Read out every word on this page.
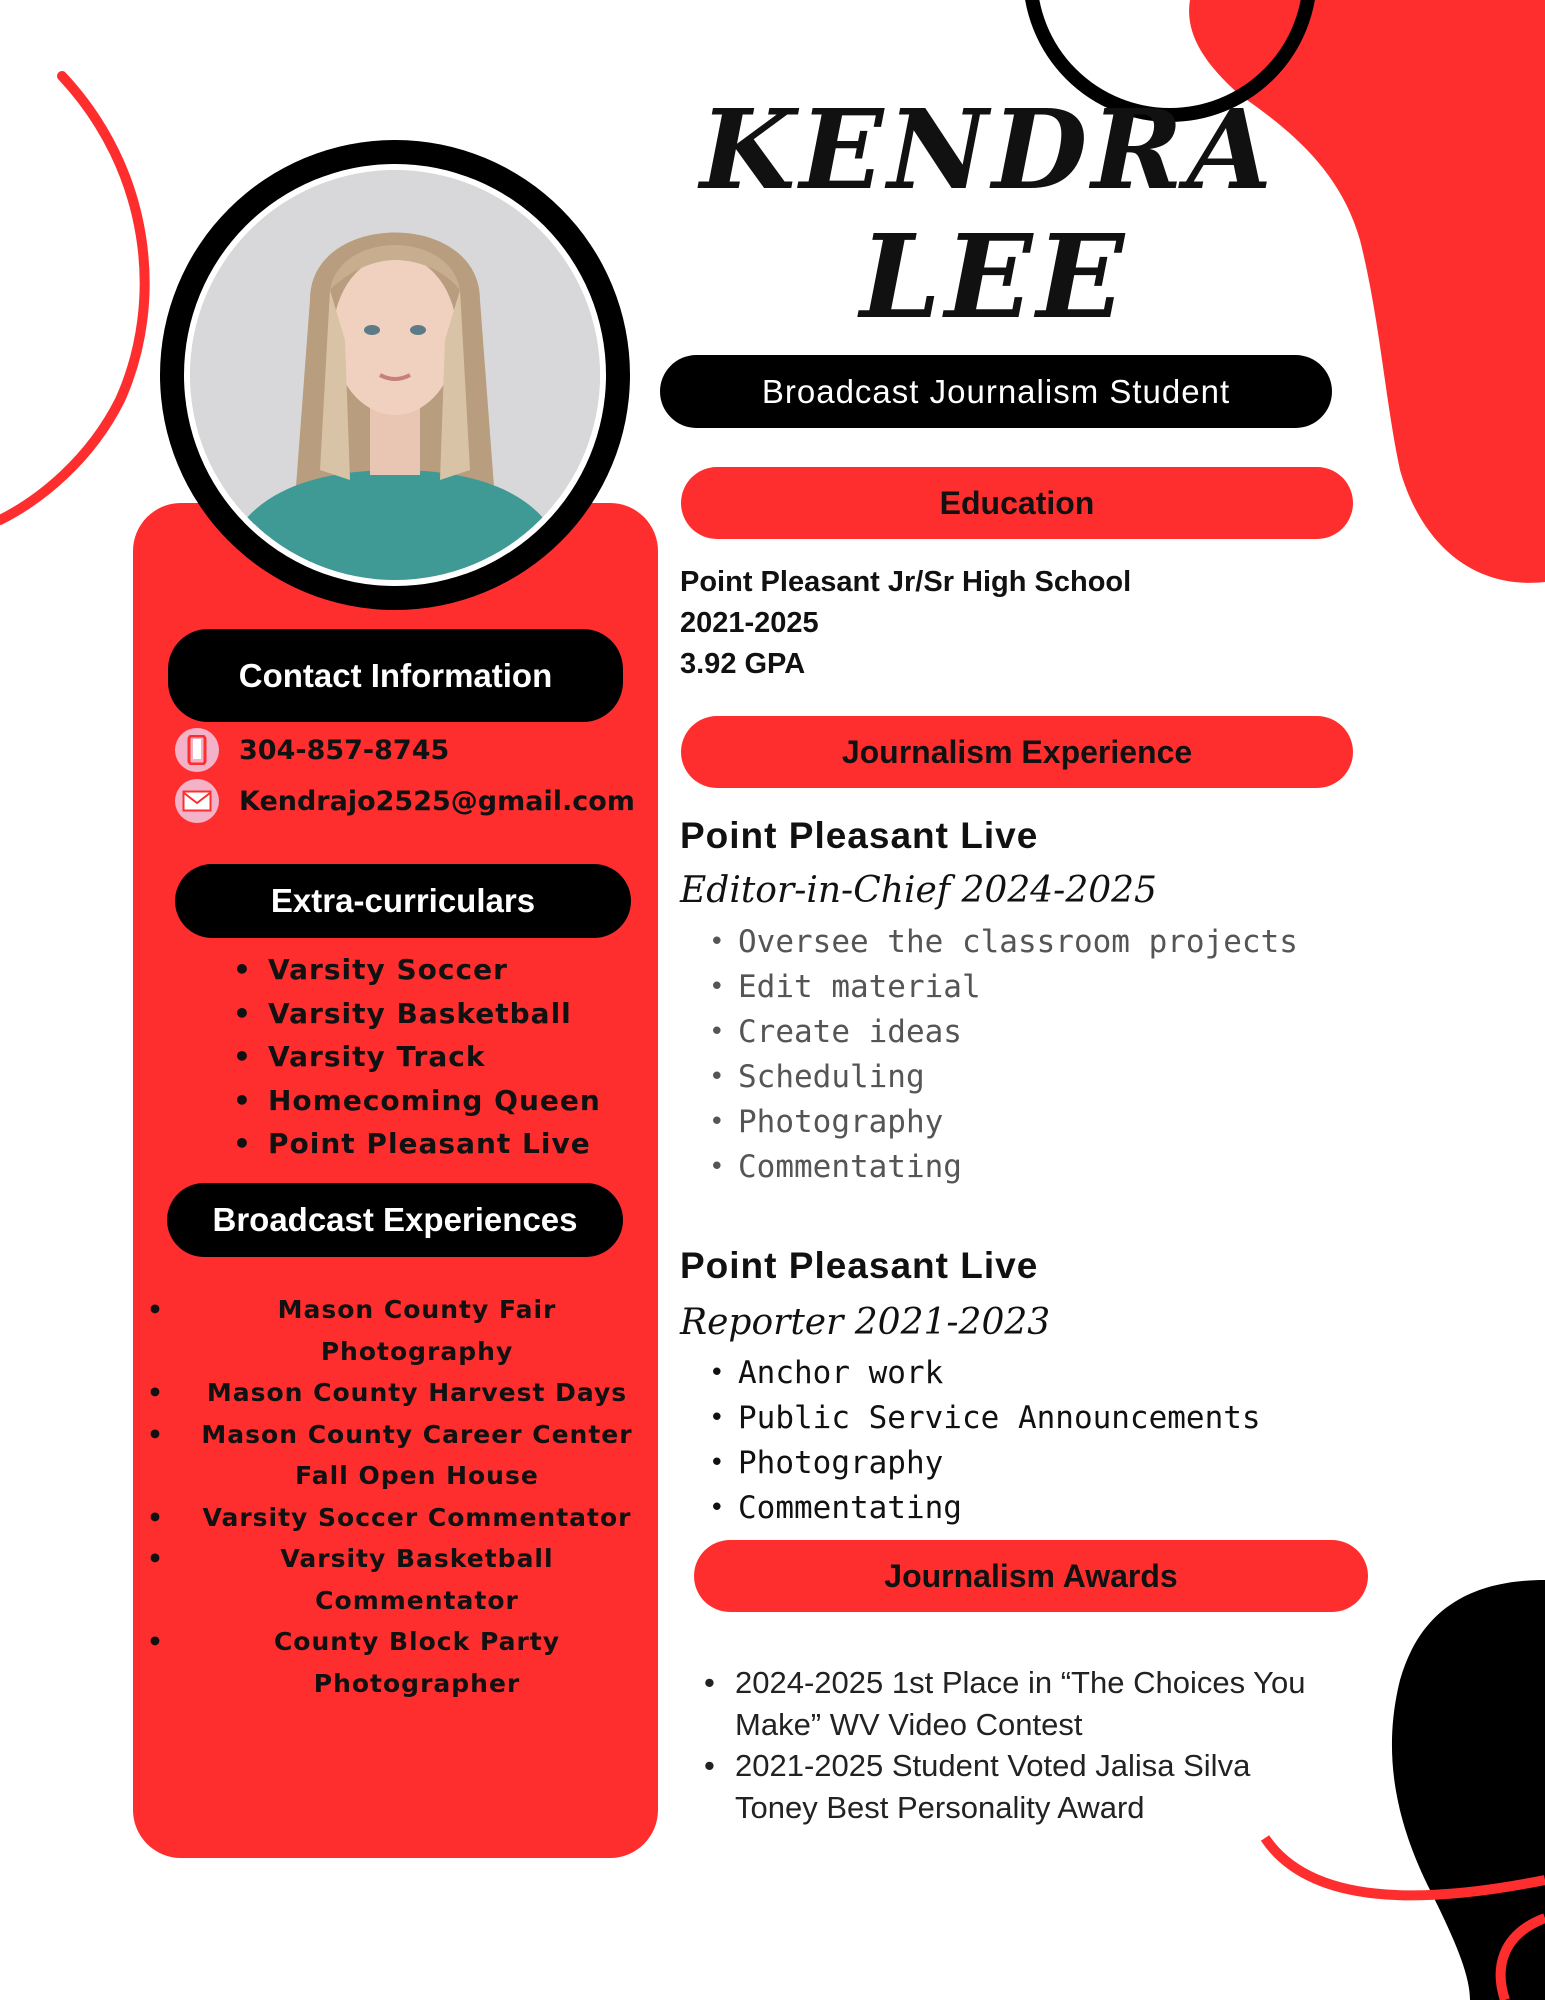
KENDRA
LEE
Broadcast Journalism Student
Education
Point Pleasant Jr/Sr High School
2021-2025
3.92 GPA
Journalism Experience
Point Pleasant Live
Editor-in-Chief 2024-2025
• Oversee the classroom projects
• Edit material
• Create ideas
• Scheduling
• Photography
• Commentating
Point Pleasant Live
Reporter 2021-2023
• Anchor work
• Public Service Announcements
• Photography
• Commentating
Journalism Awards
• 2024-2025 1st Place in “The Choices You Make” WV Video Contest
• 2021-2025 Student Voted Jalisa Silva Toney Best Personality Award
Contact Information
304-857-8745
Kendrajo2525@gmail.com
Extra-curriculars
• Varsity Soccer
• Varsity Basketball
• Varsity Track
• Homecoming Queen
• Point Pleasant Live
Broadcast Experiences
• Mason County Fair Photography
• Mason County Harvest Days
• Mason County Career Center Fall Open House
• Varsity Soccer Commentator
• Varsity Basketball Commentator
• County Block Party Photographer
